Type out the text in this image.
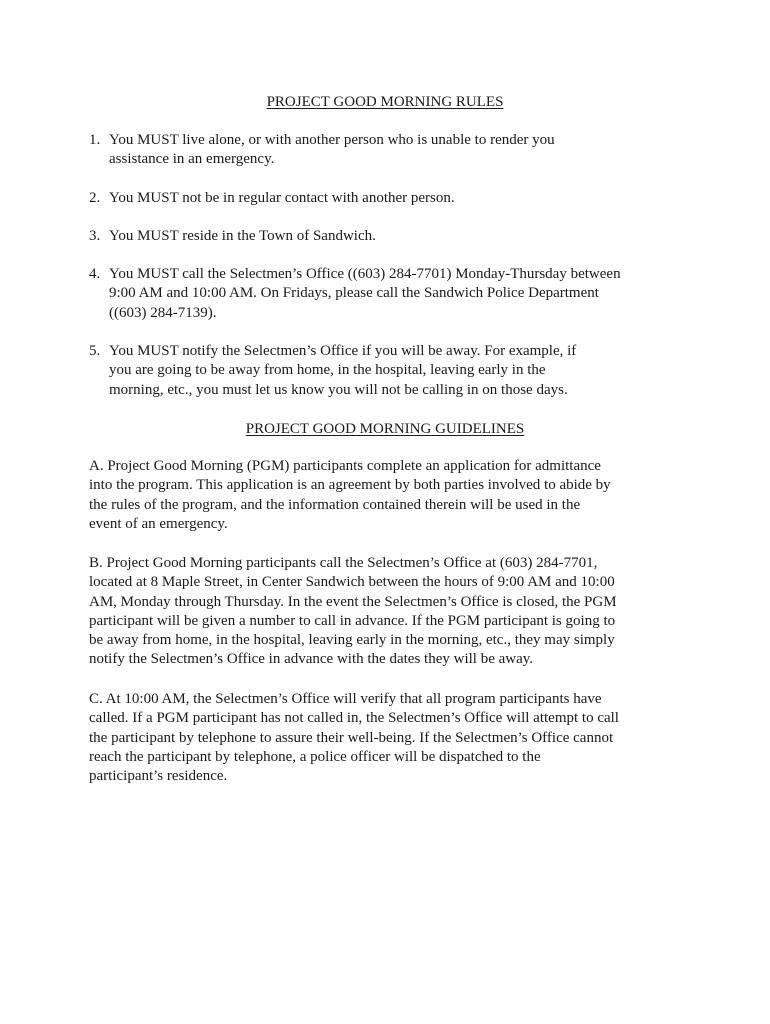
PROJECT GOOD MORNING RULES
1. You MUST live alone, or with another person who is unable to render you
assistance in an emergency.
2. You MUST not be in regular contact with another person.
3. You MUST reside in the Town of Sandwich.
4. You MUST call the Selectmen’s Office ((603) 284-7701) Monday-Thursday between
9:00 AM and 10:00 AM. On Fridays, please call the Sandwich Police Department
((603) 284-7139).
5. You MUST notify the Selectmen’s Office if you will be away. For example, if
you are going to be away from home, in the hospital, leaving early in the
morning, etc., you must let us know you will not be calling in on those days.
PROJECT GOOD MORNING GUIDELINES

A. Project Good Morning (PGM) participants complete an application for admittance
into the program. This application is an agreement by both parties involved to abide by
the rules of the program, and the information contained therein will be used in the
event of an emergency.

B. Project Good Morning participants call the Selectmen’s Office at (603) 284-7701,
located at 8 Maple Street, in Center Sandwich between the hours of 9:00 AM and 10:00
AM, Monday through Thursday. In the event the Selectmen’s Office is closed, the PGM
participant will be given a number to call in advance. If the PGM participant is going to
be away from home, in the hospital, leaving early in the morning, etc., they may simply
notify the Selectmen’s Office in advance with the dates they will be away.

C. At 10:00 AM, the Selectmen’s Office will verify that all program participants have
called. If a PGM participant has not called in, the Selectmen’s Office will attempt to call
the participant by telephone to assure their well-being. If the Selectmen’s Office cannot
reach the participant by telephone, a police officer will be dispatched to the
participant’s residence.
